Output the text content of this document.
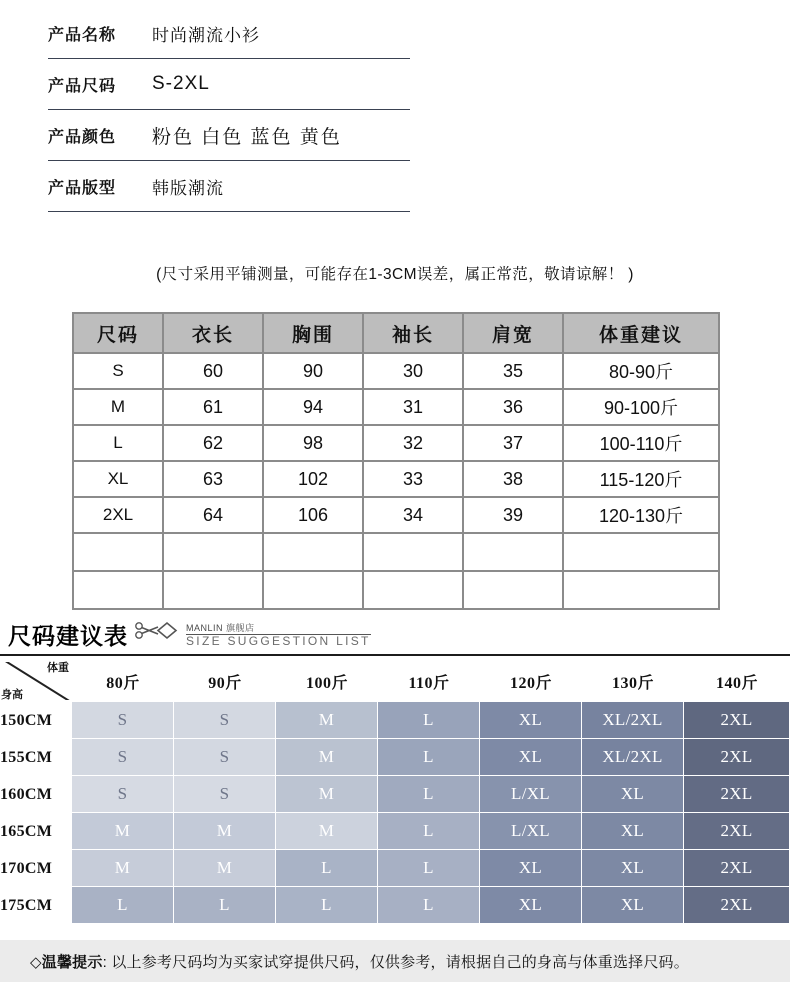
产品名称	时尚潮流小衫
产品尺码	S-2XL
产品颜色	粉色 白色 蓝色 黄色
产品版型	韩版潮流
(尺寸采用平铺测量，可能存在1-3CM误差，属正常范，敬请谅解！ )
尺码	衣长	胸围	袖长	肩宽	体重建议
S	60	90	30	35	80-90斤
M	61	94	31	36	90-100斤
L	62	98	32	37	100-110斤
XL	63	102	33	38	115-120斤
2XL	64	106	34	39	120-130斤

尺码建议表	MANLIN 旗舰店
SIZE SUGGESTION LIST
体重
身高	80斤	90斤	100斤	110斤	120斤	130斤	140斤
150CM	S	S	M	L	XL	XL/2XL	2XL
155CM	S	S	M	L	XL	XL/2XL	2XL
160CM	S	S	M	L	L/XL	XL	2XL
165CM	M	M	M	L	L/XL	XL	2XL
170CM	M	M	L	L	XL	XL	2XL
175CM	L	L	L	L	XL	XL	2XL
◇温馨提示: 以上参考尺码均为买家试穿提供尺码，仅供参考，请根据自己的身高与体重选择尺码。
